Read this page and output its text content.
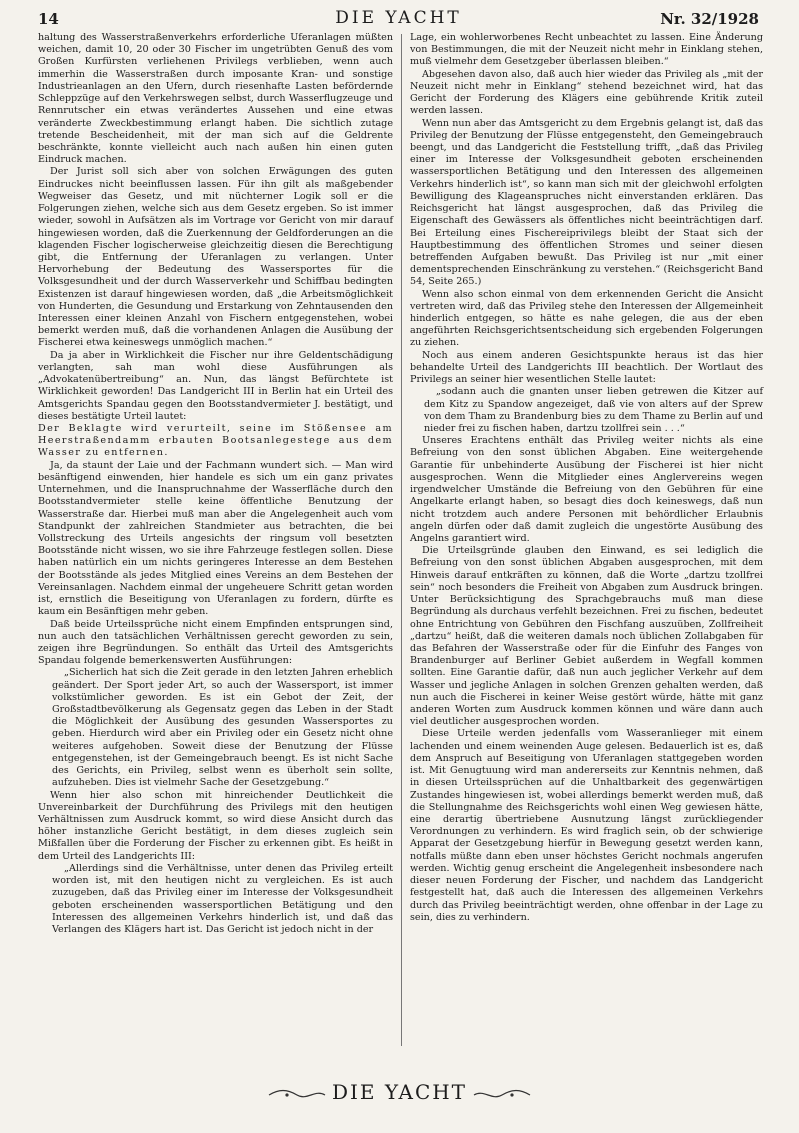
14	DIE YACHT	Nr. 32/1928

haltung des Wasserstraßenverkehrs erforderliche Uferanlagen müßten weichen, damit 10, 20 oder 30 Fischer im ungetrübten Genuß des vom Großen Kurfürsten verliehenen Privilegs verblieben, wenn auch immerhin die Wasserstraßen durch imposante Kran- und sonstige Industrieanlagen an den Ufern, durch riesenhafte Lasten befördernde Schleppzüge auf den Verkehrswegen selbst, durch Wasserflugzeuge und Rennrutscher ein etwas verändertes Aussehen und eine etwas veränderte Zweckbestimmung erlangt haben. Die sichtlich zutage tretende Bescheidenheit, mit der man sich auf die Geldrente beschränkte, konnte vielleicht auch nach außen hin einen guten Eindruck machen.

Der Jurist soll sich aber von solchen Erwägungen des guten Eindruckes nicht beeinflussen lassen. Für ihn gilt als maßgebender Wegweiser das Gesetz, und mit nüchterner Logik soll er die Folgerungen ziehen, welche sich aus dem Gesetz ergeben. So ist immer wieder, sowohl in Aufsätzen als im Vortrage vor Gericht von mir darauf hingewiesen worden, daß die Zuerkennung der Geldforderungen an die klagenden Fischer logischerweise gleichzeitig diesen die Berechtigung gibt, die Entfernung der Uferanlagen zu verlangen. Unter Hervorhebung der Bedeutung des Wassersportes für die Volksgesundheit und der durch Wasserverkehr und Schiffbau bedingten Existenzen ist darauf hingewiesen worden, daß „die Arbeitsmöglichkeit von Hunderten, die Gesundung und Erstarkung von Zehntausenden den Interessen einer kleinen Anzahl von Fischern entgegenstehen, wobei bemerkt werden muß, daß die vorhandenen Anlagen die Ausübung der Fischerei etwa keineswegs unmöglich machen.“

Da ja aber in Wirklichkeit die Fischer nur ihre Geldentschädigung verlangten, sah man wohl diese Ausführungen als „Advokatenübertreibung“ an. Nun, das längst Befürchtete ist Wirklichkeit geworden! Das Landgericht III in Berlin hat ein Urteil des Amtsgerichts Spandau gegen den Bootsstandvermieter J. bestätigt, und dieses bestätigte Urteil lautet:

Der Beklagte wird verurteilt, seine im Stößensee am Heerstraßendamm erbauten Bootsanlegestege aus dem Wasser zu entfernen.

Ja, da staunt der Laie und der Fachmann wundert sich. — Man wird besänftigend einwenden, hier handele es sich um ein ganz privates Unternehmen, und die Inanspruchnahme der Wasserfläche durch den Bootsstandvermieter stelle keine öffentliche Benutzung der Wasserstraße dar. Hierbei muß man aber die Angelegenheit auch vom Standpunkt der zahlreichen Standmieter aus betrachten, die bei Vollstreckung des Urteils angesichts der ringsum voll besetzten Bootsstände nicht wissen, wo sie ihre Fahrzeuge festlegen sollen. Diese haben natürlich ein um nichts geringeres Interesse an dem Bestehen der Bootsstände als jedes Mitglied eines Vereins an dem Bestehen der Vereinsanlagen. Nachdem einmal der ungeheuere Schritt getan worden ist, ernstlich die Beseitigung von Uferanlagen zu fordern, dürfte es kaum ein Besänftigen mehr geben.

Daß beide Urteilssprüche nicht einem Empfinden entsprungen sind, nun auch den tatsächlichen Verhältnissen gerecht geworden zu sein, zeigen ihre Begründungen. So enthält das Urteil des Amtsgerichts Spandau folgende bemerkenswerten Ausführungen:

„Sicherlich hat sich die Zeit gerade in den letzten Jahren erheblich geändert. Der Sport jeder Art, so auch der Wassersport, ist immer volkstümlicher geworden. Es ist ein Gebot der Zeit, der Großstadtbevölkerung als Gegensatz gegen das Leben in der Stadt die Möglichkeit der Ausübung des gesunden Wassersportes zu geben. Hierdurch wird aber ein Privileg oder ein Gesetz nicht ohne weiteres aufgehoben. Soweit diese der Benutzung der Flüsse entgegenstehen, ist der Gemeingebrauch beengt. Es ist nicht Sache des Gerichts, ein Privileg, selbst wenn es überholt sein sollte, aufzuheben. Dies ist vielmehr Sache der Gesetzgebung.“

Wenn hier also schon mit hinreichender Deutlichkeit die Unvereinbarkeit der Durchführung des Privilegs mit den heutigen Verhältnissen zum Ausdruck kommt, so wird diese Ansicht durch das höher instanzliche Gericht bestätigt, in dem dieses zugleich sein Mißfallen über die Forderung der Fischer zu erkennen gibt. Es heißt in dem Urteil des Landgerichts III:

„Allerdings sind die Verhältnisse, unter denen das Privileg erteilt worden ist, mit den heutigen nicht zu vergleichen. Es ist auch zuzugeben, daß das Privileg einer im Interesse der Volksgesundheit geboten erscheinenden wassersportlichen Betätigung und den Interessen des allgemeinen Verkehrs hinderlich ist, und daß das Verlangen des Klägers hart ist. Das Gericht ist jedoch nicht in der

Lage, ein wohlerworbenes Recht unbeachtet zu lassen. Eine Änderung von Bestimmungen, die mit der Neuzeit nicht mehr in Einklang stehen, muß vielmehr dem Gesetzgeber überlassen bleiben.“

Abgesehen davon also, daß auch hier wieder das Privileg als „mit der Neuzeit nicht mehr in Einklang“ stehend bezeichnet wird, hat das Gericht der Forderung des Klägers eine gebührende Kritik zuteil werden lassen.

Wenn nun aber das Amtsgericht zu dem Ergebnis gelangt ist, daß das Privileg der Benutzung der Flüsse entgegensteht, den Gemeingebrauch beengt, und das Landgericht die Feststellung trifft, „daß das Privileg einer im Interesse der Volksgesundheit geboten erscheinenden wassersportlichen Betätigung und den Interessen des allgemeinen Verkehrs hinderlich ist“, so kann man sich mit der gleichwohl erfolgten Bewilligung des Klageanspruches nicht einverstanden erklären. Das Reichsgericht hat längst ausgesprochen, daß das Privileg die Eigenschaft des Gewässers als öffentliches nicht beeinträchtigen darf. Bei Erteilung eines Fischereiprivilegs bleibt der Staat sich der Hauptbestimmung des öffentlichen Stromes und seiner diesen betreffenden Aufgaben bewußt. Das Privileg ist nur „mit einer dementsprechenden Einschränkung zu verstehen.“ (Reichsgericht Band 54, Seite 265.)

Wenn also schon einmal von dem erkennenden Gericht die Ansicht vertreten wird, daß das Privileg stehe den Interessen der Allgemeinheit hinderlich entgegen, so hätte es nahe gelegen, die aus der eben angeführten Reichsgerichtsentscheidung sich ergebenden Folgerungen zu ziehen.

Noch aus einem anderen Gesichtspunkte heraus ist das hier behandelte Urteil des Landgerichts III beachtlich. Der Wortlaut des Privilegs an seiner hier wesentlichen Stelle lautet:

„sodann auch die gnanten unser lieben getrewen die Kitzer auf dem Kitz zu Spandow angezeiget, daß vie von alters auf der Sprew von dem Tham zu Brandenburg bies zu dem Thame zu Berlin auf und nieder frei zu fischen haben, dartzu tzollfrei sein . . .“

Unseres Erachtens enthält das Privileg weiter nichts als eine Befreiung von den sonst üblichen Abgaben. Eine weitergehende Garantie für unbehinderte Ausübung der Fischerei ist hier nicht ausgesprochen. Wenn die Mitglieder eines Anglervereins wegen irgendwelcher Umstände die Befreiung von den Gebühren für eine Angelkarte erlangt haben, so besagt dies doch keineswegs, daß nun nicht trotzdem auch andere Personen mit behördlicher Erlaubnis angeln dürfen oder daß damit zugleich die ungestörte Ausübung des Angelns garantiert wird.

Die Urteilsgründe glauben den Einwand, es sei lediglich die Befreiung von den sonst üblichen Abgaben ausgesprochen, mit dem Hinweis darauf entkräften zu können, daß die Worte „dartzu tzollfrei sein“ noch besonders die Freiheit von Abgaben zum Ausdruck bringen. Unter Berücksichtigung des Sprachgebrauchs muß man diese Begründung als durchaus verfehlt bezeichnen. Frei zu fischen, bedeutet ohne Entrichtung von Gebühren den Fischfang auszuüben, Zollfreiheit „dartzu“ heißt, daß die weiteren damals noch üblichen Zollabgaben für das Befahren der Wasserstraße oder für die Einfuhr des Fanges von Brandenburger auf Berliner Gebiet außerdem in Wegfall kommen sollten. Eine Garantie dafür, daß nun auch jeglicher Verkehr auf dem Wasser und jegliche Anlagen in solchen Grenzen gehalten werden, daß nun auch die Fischerei in keiner Weise gestört würde, hätte mit ganz anderen Worten zum Ausdruck kommen können und wäre dann auch viel deutlicher ausgesprochen worden.

Diese Urteile werden jedenfalls vom Wasseranlieger mit einem lachenden und einem weinenden Auge gelesen. Bedauerlich ist es, daß dem Anspruch auf Beseitigung von Uferanlagen stattgegeben worden ist. Mit Genugtuung wird man andererseits zur Kenntnis nehmen, daß in diesen Urteilssprüchen auf die Unhaltbarkeit des gegenwärtigen Zustandes hingewiesen ist, wobei allerdings bemerkt werden muß, daß die Stellungnahme des Reichsgerichts wohl einen Weg gewiesen hätte, eine derartig übertriebene Ausnutzung längst zurückliegender Verordnungen zu verhindern. Es wird fraglich sein, ob der schwierige Apparat der Gesetzgebung hierfür in Bewegung gesetzt werden kann, notfalls müßte dann eben unser höchstes Gericht nochmals angerufen werden. Wichtig genug erscheint die Angelegenheit insbesondere nach dieser neuen Forderung der Fischer, und nachdem das Landgericht festgestellt hat, daß auch die Interessen des allgemeinen Verkehrs durch das Privileg beeinträchtigt werden, ohne offenbar in der Lage zu sein, dies zu verhindern.

DIE YACHT
